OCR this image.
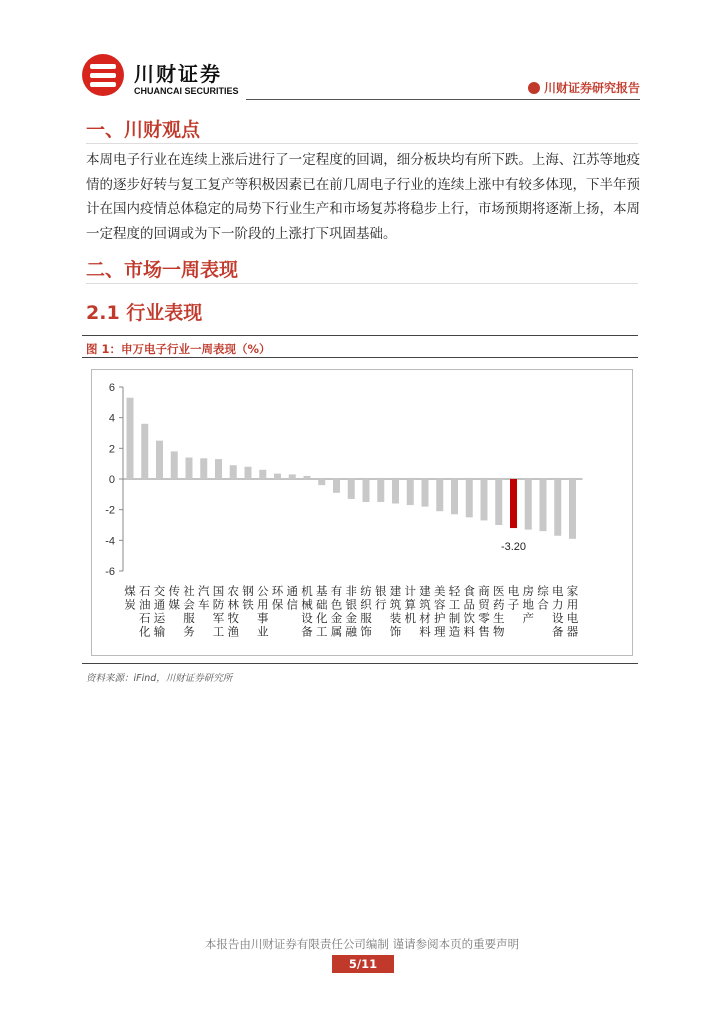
川财证券
CHUANCAI SECURITIES	川财证券研究报告
一、川财观点
本周电子行业在连续上涨后进行了一定程度的回调，细分板块均有所下跌。上海、江苏等地疫情的逐步好转与复工复产等积极因素已在前几周电子行业的连续上涨中有较多体现，下半年预计在国内疫情总体稳定的局势下行业生产和市场复苏将稳步上行，市场预期将逐渐上扬，本周一定程度的回调或为下一阶段的上涨打下巩固基础。
二、市场一周表现
2.1 行业表现
图 1：申万电子行业一周表现（%）
6
4
2
0
-2
-4
-6
煤
炭
石
油
石
化
交
通
运
输
传
媒
社
会
服
务
汽
车
国
防
军
工
农
林
牧
渔
钢
铁
公
用
事
业
环
保
通
信
机
械
设
备
基
础
化
工
有
色
金
属
非
银
金
融
纺
织
服
饰
银
行
建
筑
装
饰
计
算
机
建
筑
材
料
美
容
护
理
轻
工
制
造
食
品
饮
料
商
贸
零
售
医
药
生
物
电
子
-3.20
房
地
产
综
合
电
力
设
备
家
用
电
器
资料来源：iFind，川财证券研究所
本报告由川财证券有限责任公司编制 谨请参阅本页的重要声明
5/11
